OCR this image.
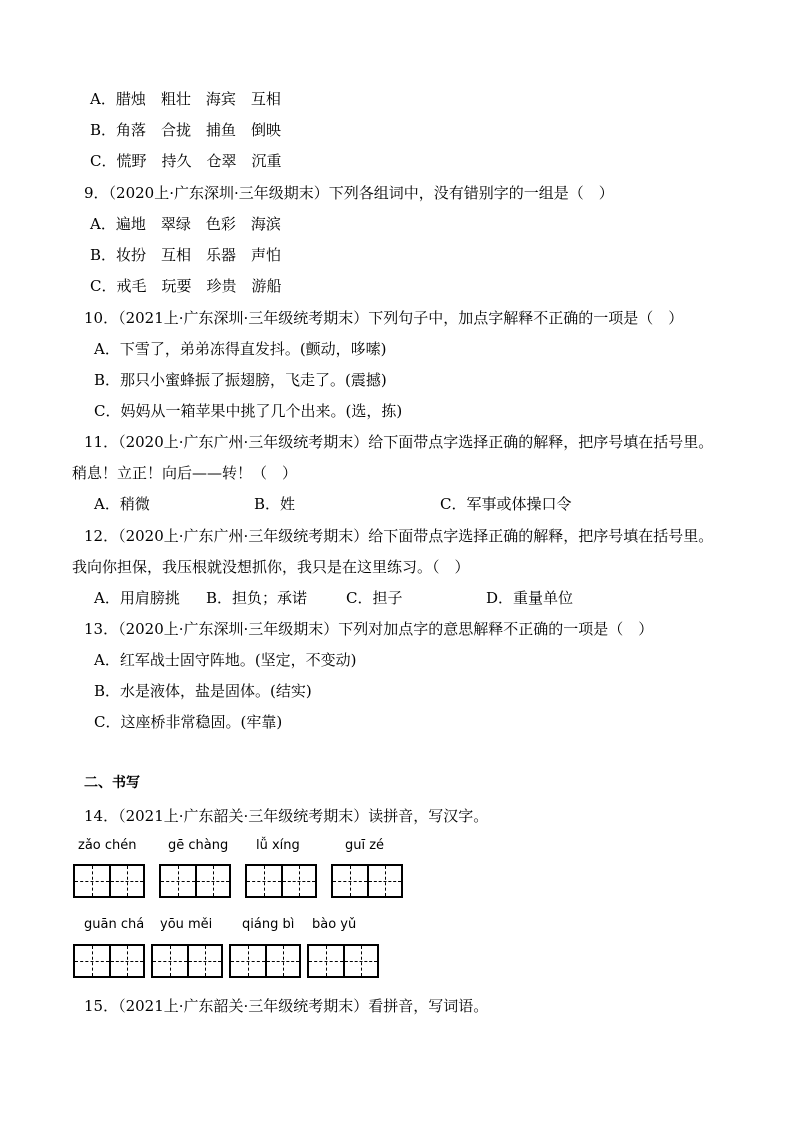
A．腊烛　粗壮　海宾　互相
B．角落　合拢　捕鱼　倒映
C．慌野　持久　仓翠　沉重
9．（2020上·广东深圳·三年级期末）下列各组词中，没有错别字的一组是（　）
A．遍地　翠绿　色彩　海滨
B．妆扮　互相　乐器　声怕
C．戒毛　玩要　珍贵　游船
10．（2021上·广东深圳·三年级统考期末）下列句子中，加点字解释不正确的一项是（　）
A．下雪了，弟弟冻得直发抖。(颤动，哆嗦)
B．那只小蜜蜂振了振翅膀，飞走了。(震撼)
C．妈妈从一箱苹果中挑了几个出来。(选，拣)
11．（2020上·广东广州·三年级统考期末）给下面带点字选择正确的解释，把序号填在括号里。
稍息！立正！向后——转！（　）
A．稍微	B．姓	C．军事或体操口令
12．（2020上·广东广州·三年级统考期末）给下面带点字选择正确的解释，把序号填在括号里。
我向你担保，我压根就没想抓你，我只是在这里练习。（　）
A．用肩膀挑 B．担负；承诺	C．担子	D．重量单位
13．（2020上·广东深圳·三年级期末）下列对加点字的意思解释不正确的一项是（　）
A．红军战士固守阵地。(坚定，不变动)
B．水是液体，盐是固体。(结实)
C．这座桥非常稳固。(牢靠)
二、书写
14．（2021上·广东韶关·三年级统考期末）读拼音，写汉字。
zǎo chén gē chàng lǚ xíng	guī zé
guān chá yōu měi qiáng bì bào yǔ
15．（2021上·广东韶关·三年级统考期末）看拼音，写词语。
